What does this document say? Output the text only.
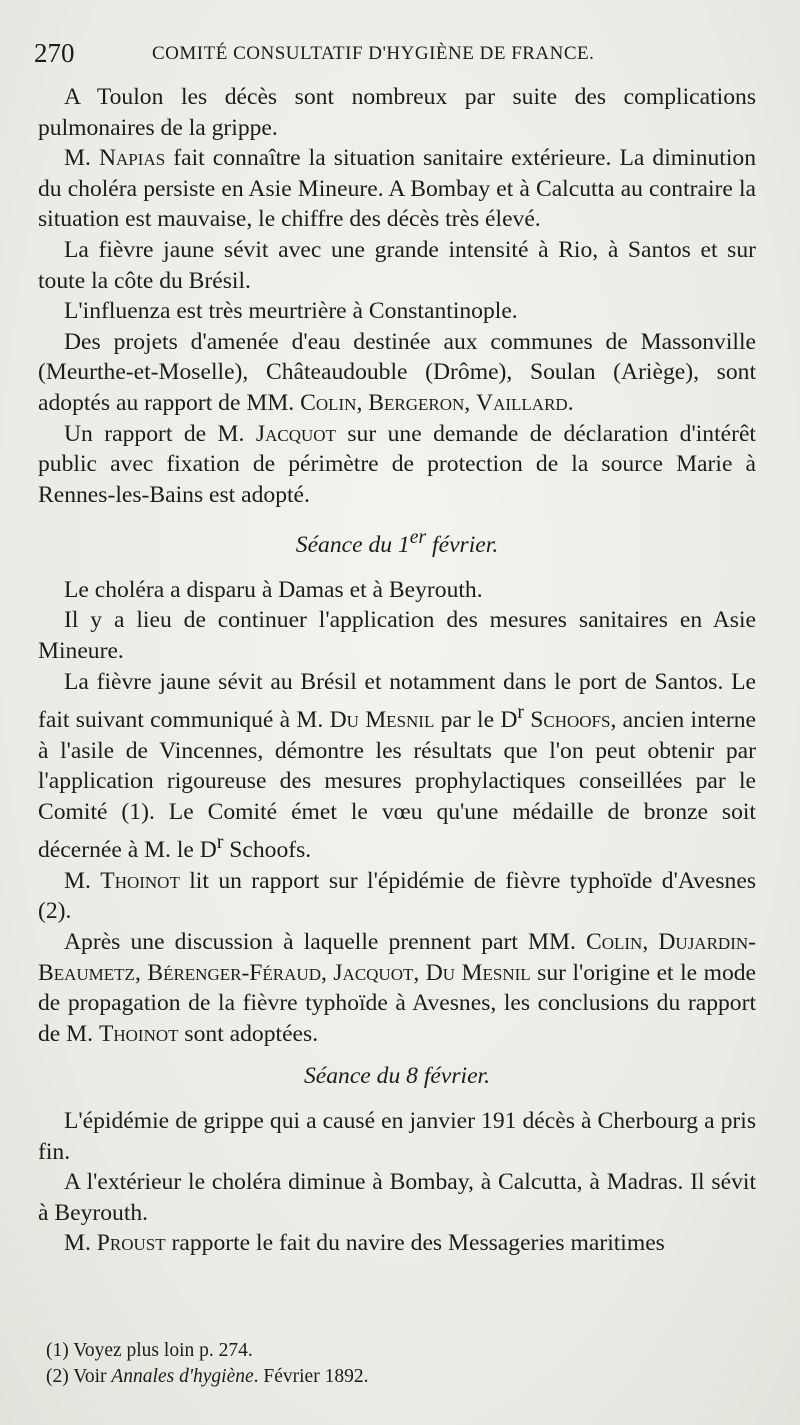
270	COMITÉ CONSULTATIF D'HYGIÈNE DE FRANCE.

A Toulon les décès sont nombreux par suite des complications pulmonaires de la grippe.

M. Napias fait connaître la situation sanitaire extérieure. La diminution du choléra persiste en Asie Mineure. A Bombay et à Calcutta au contraire la situation est mauvaise, le chiffre des décès très élevé.

La fièvre jaune sévit avec une grande intensité à Rio, à Santos et sur toute la côte du Brésil.

L'influenza est très meurtrière à Constantinople.

Des projets d'amenée d'eau destinée aux communes de Massonville (Meurthe-et-Moselle), Châteaudouble (Drôme), Soulan (Ariège), sont adoptés au rapport de MM. Colin, Bergeron, Vaillard.

Un rapport de M. Jacquot sur une demande de déclaration d'intérêt public avec fixation de périmètre de protection de la source Marie à Rennes-les-Bains est adopté.

Séance du 1er février.

Le choléra a disparu à Damas et à Beyrouth.

Il y a lieu de continuer l'application des mesures sanitaires en Asie Mineure.

La fièvre jaune sévit au Brésil et notamment dans le port de Santos. Le fait suivant communiqué à M. Du Mesnil par le $D^r$ Schoofs, ancien interne à l'asile de Vincennes, démontre les résultats que l'on peut obtenir par l'application rigoureuse des mesures prophylactiques conseillées par le Comité (1). Le Comité émet le vœu qu'une médaille de bronze soit décernée à M. le $D^r$ Schoofs.

M. Thoinot lit un rapport sur l'épidémie de fièvre typhoïde d'Avesnes (2).

Après une discussion à laquelle prennent part MM. Colin, Dujardin-Beaumetz, Bérenger-Féraud, Jacquot, Du Mesnil sur l'origine et le mode de propagation de la fièvre typhoïde à Avesnes, les conclusions du rapport de M. Thoinot sont adoptées.

Séance du 8 février.

L'épidémie de grippe qui a causé en janvier 191 décès à Cherbourg a pris fin.

A l'extérieur le choléra diminue à Bombay, à Calcutta, à Madras. Il sévit à Beyrouth.

M. Proust rapporte le fait du navire des Messageries maritimes

(1) Voyez plus loin p. 274.
(2) Voir Annales d'hygiène. Février 1892.
